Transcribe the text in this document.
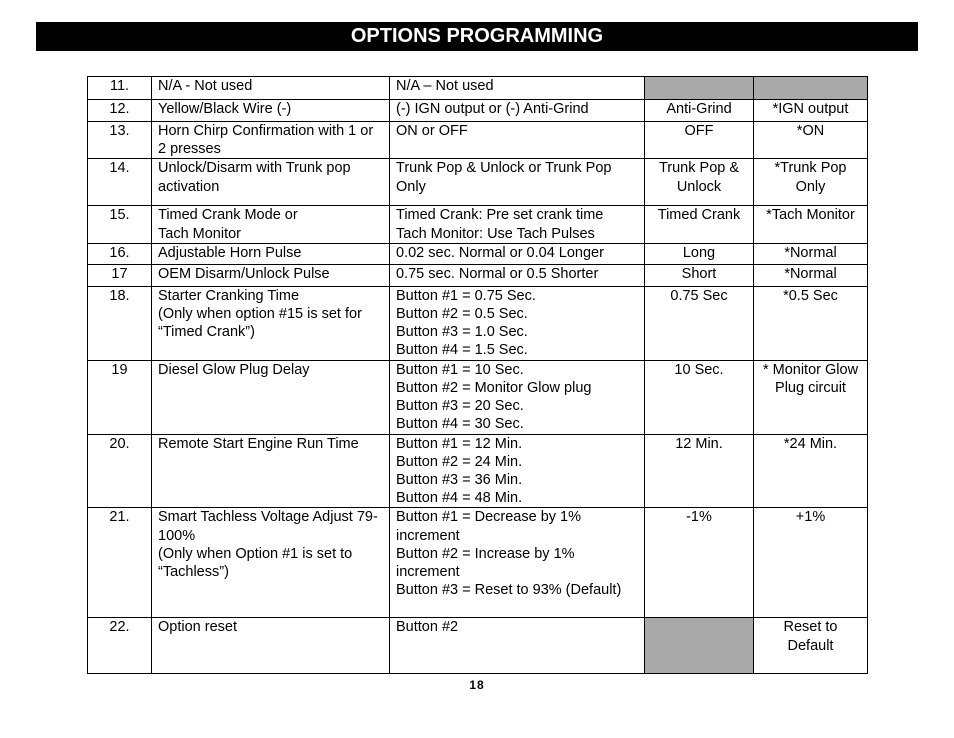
OPTIONS PROGRAMMING
11.	N/A - Not used	N/A – Not used		
12.	Yellow/Black Wire (-)	(-) IGN output or (-) Anti-Grind	Anti-Grind	*IGN output
13.	Horn Chirp Confirmation with 1 or 2 presses	ON or OFF	OFF	*ON
14.	Unlock/Disarm with Trunk pop activation	Trunk Pop & Unlock or Trunk Pop Only	Trunk Pop & Unlock	*Trunk Pop Only
15.	Timed Crank Mode or
Tach Monitor	Timed Crank: Pre set crank time
Tach Monitor: Use Tach Pulses	Timed Crank	*Tach Monitor
16.	Adjustable Horn Pulse	0.02 sec. Normal or 0.04 Longer	Long	*Normal
17	OEM Disarm/Unlock Pulse	0.75 sec. Normal or 0.5 Shorter	Short	*Normal
18.	Starter Cranking Time
(Only when option #15 is set for “Timed Crank”)	Button #1 = 0.75 Sec.
Button #2 = 0.5 Sec.
Button #3 = 1.0 Sec.
Button #4 = 1.5 Sec.	0.75 Sec	*0.5 Sec
19	Diesel Glow Plug Delay	Button #1 = 10 Sec.
Button #2 = Monitor Glow plug
Button #3 = 20 Sec.
Button #4 = 30 Sec.	10 Sec.	* Monitor Glow Plug circuit
20.	Remote Start Engine Run Time	Button #1 = 12 Min.
Button #2 = 24 Min.
Button #3 = 36 Min.
Button #4 = 48 Min.	12 Min.	*24 Min.
21.	Smart Tachless Voltage Adjust 79-100%
(Only when Option #1 is set to “Tachless”)	Button #1 = Decrease by 1% increment
Button #2 = Increase by 1% increment
Button #3 = Reset to 93% (Default)	-1%	+1%
22.	Option reset	Button #2		Reset to Default
18
